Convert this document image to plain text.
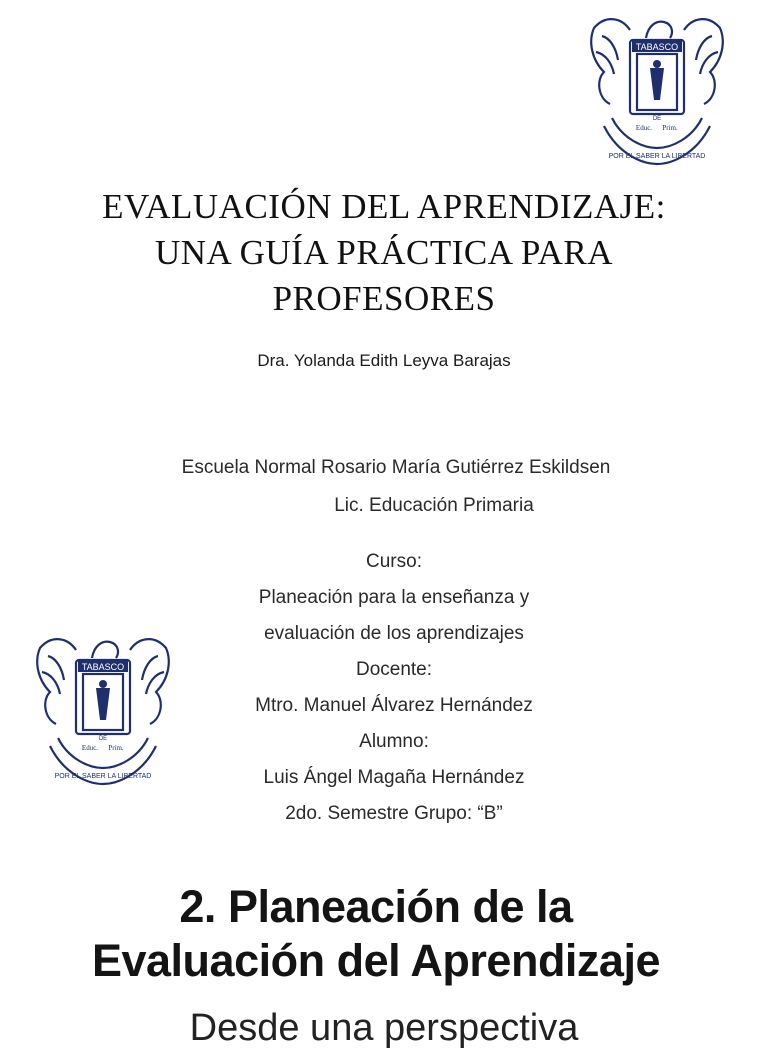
TABASCO
DE
Educ. Prim.
POR EL SABER LA LIBERTAD
EVALUACIÓN DEL APRENDIZAJE:
UNA GUÍA PRÁCTICA PARA
PROFESORES
Dra. Yolanda Edith Leyva Barajas
Escuela Normal Rosario María Gutiérrez Eskildsen
Lic. Educación Primaria
Curso:
Planeación para la enseñanza y
evaluación de los aprendizajes
Docente:
Mtro. Manuel Álvarez Hernández
Alumno:
Luis Ángel Magaña Hernández
2do. Semestre Grupo: “B”
TABASCO
DE
Educ. Prim.
POR EL SABER LA LIBERTAD
2. Planeación de la
Evaluación del Aprendizaje
Desde una perspectiva
